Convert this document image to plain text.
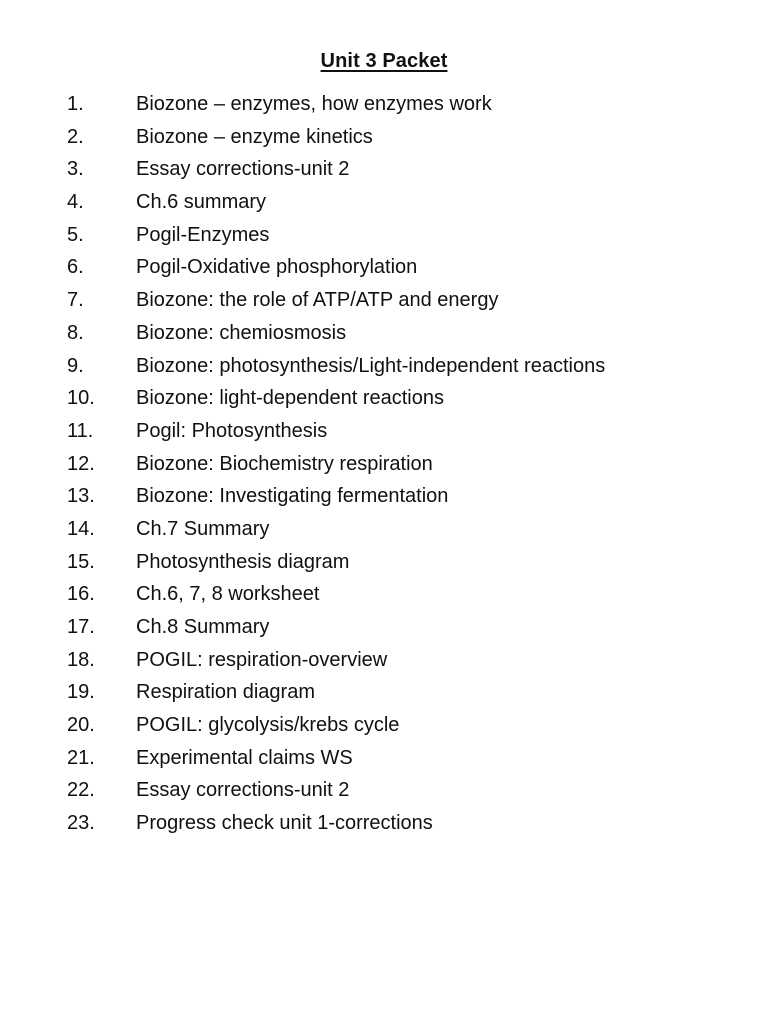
Unit 3 Packet
1.	Biozone – enzymes, how enzymes work
2.	Biozone – enzyme kinetics
3.	Essay corrections-unit 2
4.	Ch.6 summary
5.	Pogil-Enzymes
6.	Pogil-Oxidative phosphorylation
7.	Biozone: the role of ATP/ATP and energy
8.	Biozone: chemiosmosis
9.	Biozone: photosynthesis/Light-independent reactions
10. Biozone: light-dependent reactions
11. Pogil: Photosynthesis
12. Biozone: Biochemistry respiration
13. Biozone: Investigating fermentation
14. Ch.7 Summary
15. Photosynthesis diagram
16. Ch.6, 7, 8 worksheet
17. Ch.8 Summary
18. POGIL: respiration-overview
19. Respiration diagram
20. POGIL: glycolysis/krebs cycle
21. Experimental claims WS
22. Essay corrections-unit 2
23. Progress check unit 1-corrections
